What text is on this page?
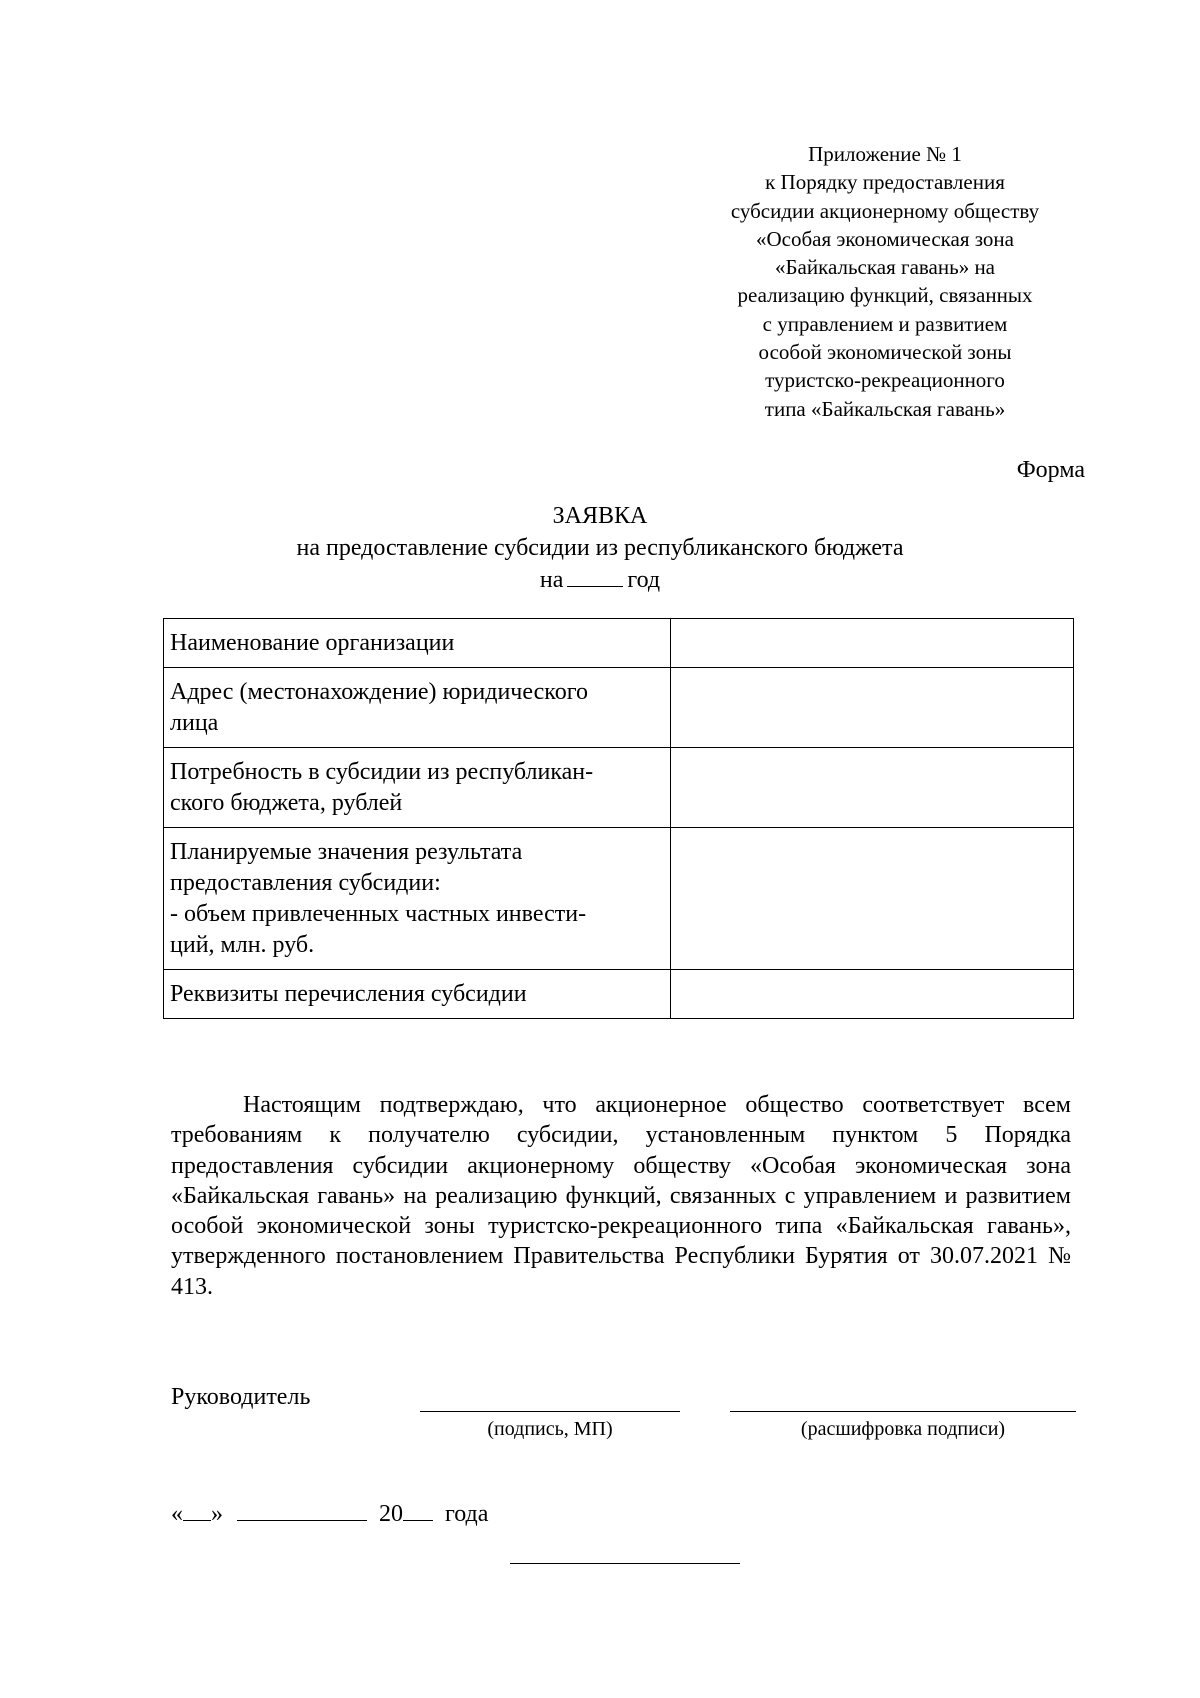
Приложение № 1
к Порядку предоставления
субсидии акционерному обществу
«Особая экономическая зона
«Байкальская гавань» на
реализацию функций, связанных
с управлением и развитием
особой экономической зоны
туристско-рекреационного
типа «Байкальская гавань»
Форма
ЗАЯВКА
на предоставление субсидии из республиканского бюджета
на	год
Наименование организации	

Адрес (местонахождение) юридического
лица	

Потребность в субсидии из республикан-
ского бюджета, рублей	

Планируемые значения результата
предоставления субсидии:
- объем привлеченных частных инвести-
ций, млн. руб.	

Реквизиты перечисления субсидии	

Настоящим подтверждаю, что акционерное общество соответствует всем требованиям к получателю субсидии, установленным пунктом 5 Порядка предоставления субсидии акционерному обществу «Особая экономическая зона «Байкальская гавань» на реализацию функций, связанных с управлением и развитием особой экономической зоны туристско-рекреационного типа «Байкальская гавань», утвержденного постановлением Правительства Республики Бурятия от 30.07.2021 № 413.
Руководитель
(подпись, МП)	(расшифровка подписи)
« »	20 года
